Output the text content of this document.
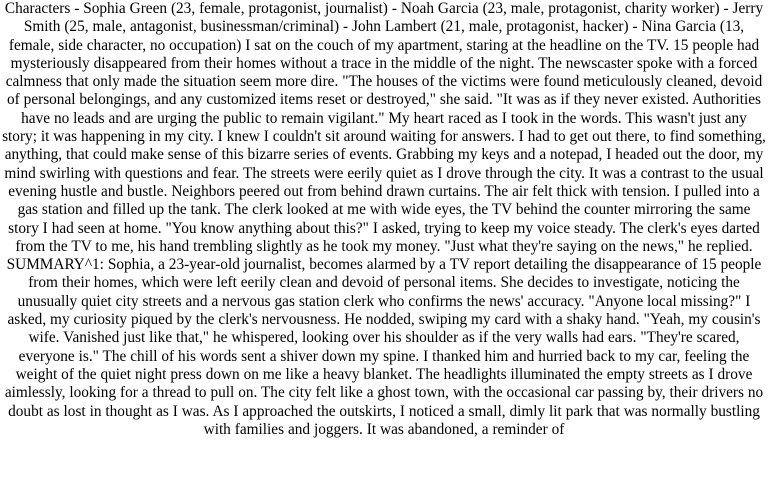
Characters - Sophia Green (23, female, protagonist, journalist) - Noah Garcia (23, male, protagonist, charity worker) - Jerry Smith (25, male, antagonist, businessman/criminal) - John Lambert (21, male, protagonist, hacker) - Nina Garcia (13, female, side character, no occupation) I sat on the couch of my apartment, staring at the headline on the TV. 15 people had mysteriously disappeared from their homes without a trace in the middle of the night. The newscaster spoke with a forced calmness that only made the situation seem more dire. "The houses of the victims were found meticulously cleaned, devoid of personal belongings, and any customized items reset or destroyed," she said. "It was as if they never existed. Authorities have no leads and are urging the public to remain vigilant." My heart raced as I took in the words. This wasn't just any story; it was happening in my city. I knew I couldn't sit around waiting for answers. I had to get out there, to find something, anything, that could make sense of this bizarre series of events. Grabbing my keys and a notepad, I headed out the door, my mind swirling with questions and fear. The streets were eerily quiet as I drove through the city. It was a contrast to the usual evening hustle and bustle. Neighbors peered out from behind drawn curtains. The air felt thick with tension. I pulled into a gas station and filled up the tank. The clerk looked at me with wide eyes, the TV behind the counter mirroring the same story I had seen at home. "You know anything about this?" I asked, trying to keep my voice steady. The clerk's eyes darted from the TV to me, his hand trembling slightly as he took my money. "Just what they're saying on the news," he replied. SUMMARY^1: Sophia, a 23-year-old journalist, becomes alarmed by a TV report detailing the disappearance of 15 people from their homes, which were left eerily clean and devoid of personal items. She decides to investigate, noticing the unusually quiet city streets and a nervous gas station clerk who confirms the news' accuracy. "Anyone local missing?" I asked, my curiosity piqued by the clerk's nervousness. He nodded, swiping my card with a shaky hand. "Yeah, my cousin's wife. Vanished just like that," he whispered, looking over his shoulder as if the very walls had ears. "They're scared, everyone is." The chill of his words sent a shiver down my spine. I thanked him and hurried back to my car, feeling the weight of the quiet night press down on me like a heavy blanket. The headlights illuminated the empty streets as I drove aimlessly, looking for a thread to pull on. The city felt like a ghost town, with the occasional car passing by, their drivers no doubt as lost in thought as I was. As I approached the outskirts, I noticed a small, dimly lit park that was normally bustling with families and joggers. It was abandoned, a reminder of
